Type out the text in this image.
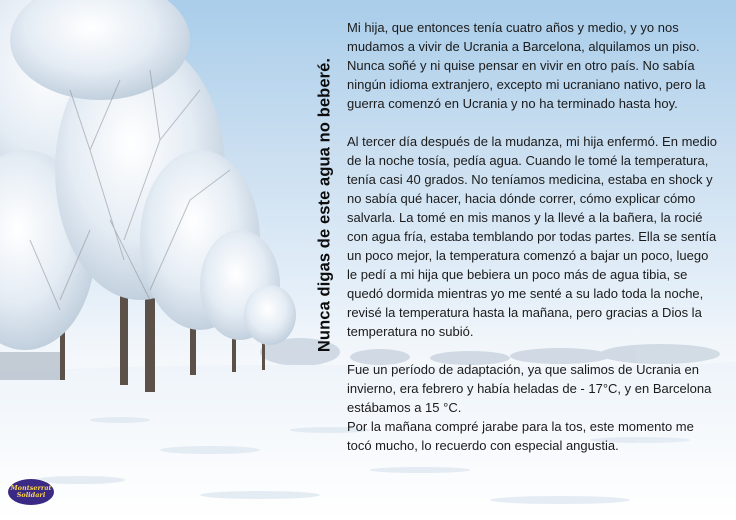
Nunca digas de este agua no beberé.

Mi hija, que entonces tenía cuatro años y medio, y yo nos mudamos a vivir de Ucrania a Barcelona, alquilamos un piso. Nunca soñé y ni quise pensar en vivir en otro país. No sabía ningún idioma extranjero, excepto mi ucraniano nativo, pero la guerra comenzó en Ucrania y no ha terminado hasta hoy.

Al tercer día después de la mudanza, mi hija enfermó. En medio de la noche tosía, pedía agua. Cuando le tomé la temperatura, tenía casi 40 grados. No teníamos medicina, estaba en shock y no sabía qué hacer, hacia dónde correr, cómo explicar cómo salvarla. La tomé en mis manos y la llevé a la bañera, la rocié con agua fría, estaba temblando por todas partes. Ella se sentía un poco mejor, la temperatura comenzó a bajar un poco, luego le pedí a mi hija que bebiera un poco más de agua tibia, se quedó dormida mientras yo me senté a su lado toda la noche, revisé la temperatura hasta la mañana, pero gracias a Dios la temperatura no subió.

Fue un período de adaptación, ya que salimos de Ucrania en invierno, era febrero y había heladas de - 17°C, y en Barcelona estábamos a 15 °C.

Por la mañana compré jarabe para la tos, este momento me tocó mucho, lo recuerdo con especial angustia.

Montserrat
Solidari
